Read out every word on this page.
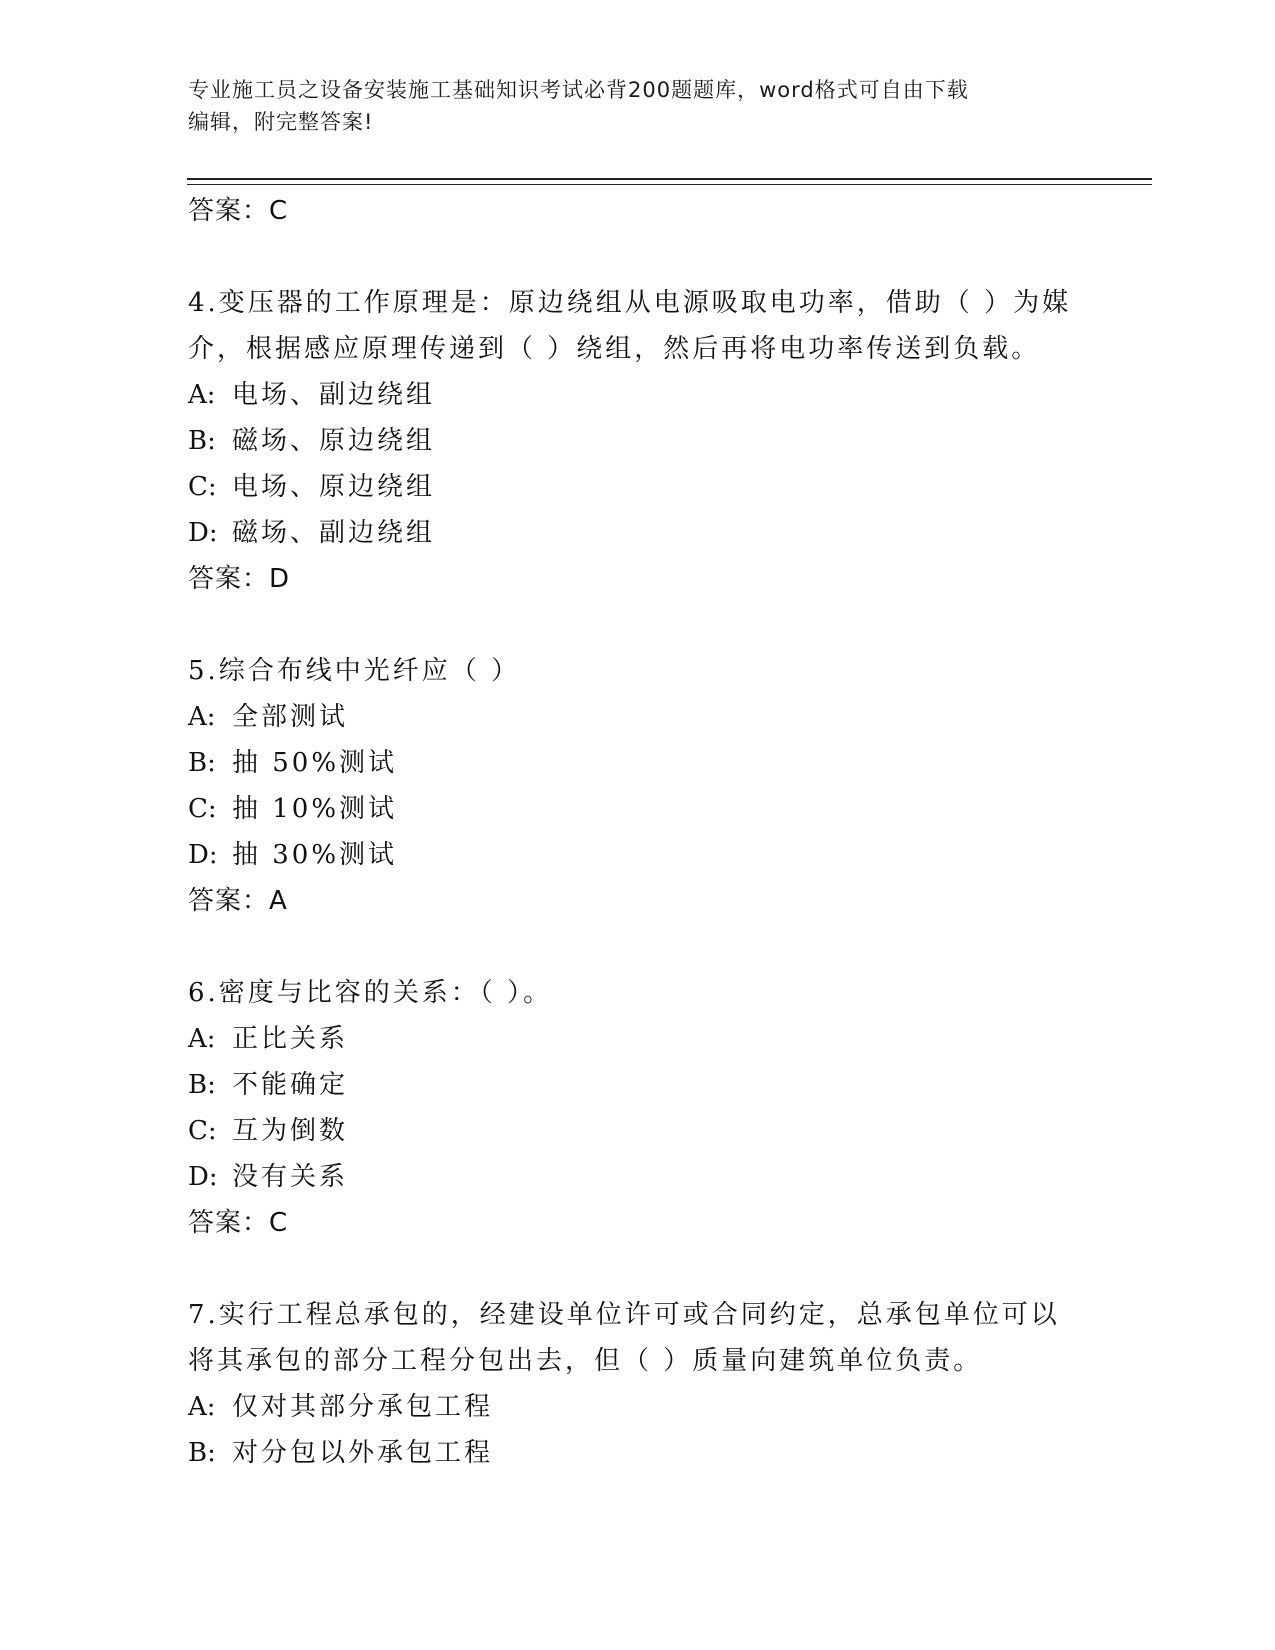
专业施工员之设备安装施工基础知识考试必背200题题库，word格式可自由下载
编辑，附完整答案!
答案：C
4.变压器的工作原理是：原边绕组从电源吸取电功率，借助（ ）为媒
介，根据感应原理传递到（ ）绕组，然后再将电功率传送到负载。
A: 电场、副边绕组
B: 磁场、原边绕组
C: 电场、原边绕组
D: 磁场、副边绕组
答案：D
5.综合布线中光纤应（ ）
A: 全部测试
B: 抽 50%测试
C: 抽 10%测试
D: 抽 30%测试
答案：A
6.密度与比容的关系：（ ）。
A: 正比关系
B: 不能确定
C: 互为倒数
D: 没有关系
答案：C
7.实行工程总承包的，经建设单位许可或合同约定，总承包单位可以
将其承包的部分工程分包出去，但（ ）质量向建筑单位负责。
A: 仅对其部分承包工程
B: 对分包以外承包工程
